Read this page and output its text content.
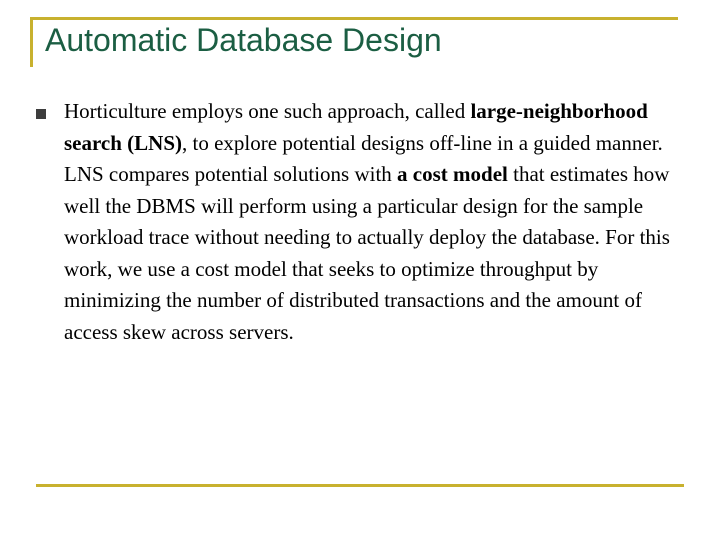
Automatic Database Design

Horticulture employs one such approach, called large-neighborhood search (LNS), to explore potential designs off-line in a guided manner. LNS compares potential solutions with a cost model that estimates how well the DBMS will perform using a particular design for the sample workload trace without needing to actually deploy the database. For this work, we use a cost model that seeks to optimize throughput by minimizing the number of distributed transactions and the amount of access skew across servers.
